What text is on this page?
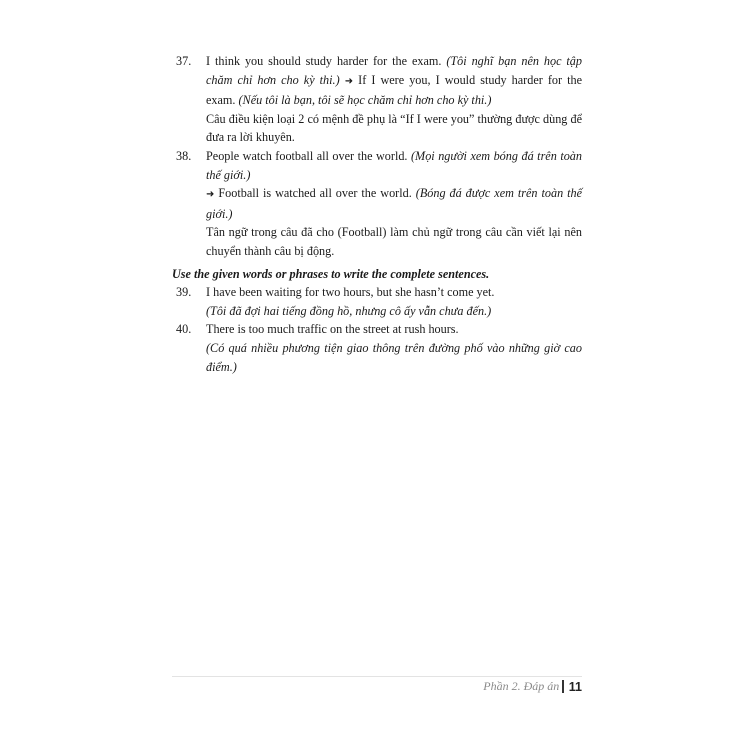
37.	I think you should study harder for the exam. (Tôi nghĩ bạn nên học tập chăm chỉ hơn cho kỳ thi.) ➜ If I were you, I would study harder for the exam. (Nếu tôi là bạn, tôi sẽ học chăm chỉ hơn cho kỳ thi.)

Câu điều kiện loại 2 có mệnh đề phụ là “If I were you” thường được dùng để đưa ra lời khuyên.

38.	People watch football all over the world. (Mọi người xem bóng đá trên toàn thế giới.)

➜ Football is watched all over the world. (Bóng đá được xem trên toàn thế giới.)

Tân ngữ trong câu đã cho (Football) làm chủ ngữ trong câu cần viết lại nên chuyển thành câu bị động.

Use the given words or phrases to write the complete sentences.

39.	I have been waiting for two hours, but she hasn’t come yet.

(Tôi đã đợi hai tiếng đồng hồ, nhưng cô ấy vẫn chưa đến.)

40.	There is too much traffic on the street at rush hours.

(Có quá nhiều phương tiện giao thông trên đường phố vào những giờ cao điểm.)

Phần 2. Đáp án 11
